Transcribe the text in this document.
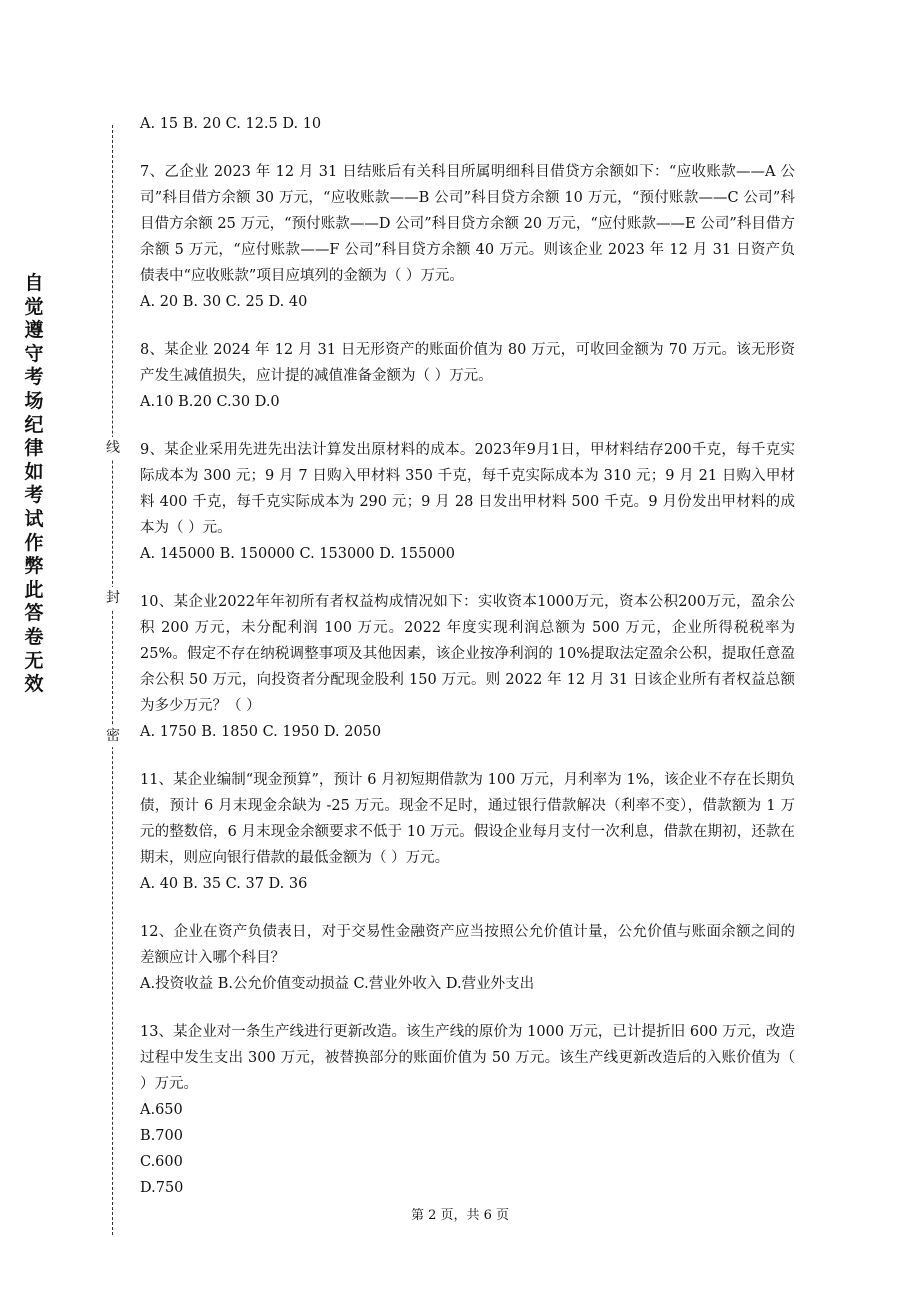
自觉遵守考场纪律如考试作弊此答卷无效
线
封
密

A. 15 B. 20 C. 12.5 D. 10

7、乙企业 2023 年 12 月 31 日结账后有关科目所属明细科目借贷方余额如下：“应收账款——A 公司”科目借方余额 30 万元，“应收账款——B 公司”科目贷方余额 10 万元，“预付账款——C 公司”科目借方余额 25 万元，“预付账款——D 公司”科目贷方余额 20 万元，“应付账款——E 公司”科目借方余额 5 万元，“应付账款——F 公司”科目贷方余额 40 万元。则该企业 2023 年 12 月 31 日资产负债表中“应收账款”项目应填列的金额为（ ）万元。

A. 20 B. 30 C. 25 D. 40

8、某企业 2024 年 12 月 31 日无形资产的账面价值为 80 万元，可收回金额为 70 万元。该无形资产发生减值损失，应计提的减值准备金额为（ ）万元。

A.10 B.20 C.30 D.0

9、某企业采用先进先出法计算发出原材料的成本。2023年9月1日，甲材料结存200千克，每千克实际成本为 300 元；9 月 7 日购入甲材料 350 千克，每千克实际成本为 310 元；9 月 21 日购入甲材料 400 千克，每千克实际成本为 290 元；9 月 28 日发出甲材料 500 千克。9 月份发出甲材料的成本为（ ）元。

A. 145000 B. 150000 C. 153000 D. 155000

10、某企业2022年年初所有者权益构成情况如下：实收资本1000万元，资本公积200万元，盈余公积 200 万元，未分配利润 100 万元。2022 年度实现利润总额为 500 万元，企业所得税税率为 25%。假定不存在纳税调整事项及其他因素，该企业按净利润的 10%提取法定盈余公积，提取任意盈余公积 50 万元，向投资者分配现金股利 150 万元。则 2022 年 12 月 31 日该企业所有者权益总额为多少万元？（ ）

A. 1750 B. 1850 C. 1950 D. 2050

11、某企业编制“现金预算”，预计 6 月初短期借款为 100 万元，月利率为 1%，该企业不存在长期负债，预计 6 月末现金余缺为 -25 万元。现金不足时，通过银行借款解决（利率不变），借款额为 1 万元的整数倍，6 月末现金余额要求不低于 10 万元。假设企业每月支付一次利息，借款在期初，还款在期末，则应向银行借款的最低金额为（ ）万元。

A. 40 B. 35 C. 37 D. 36

12、企业在资产负债表日，对于交易性金融资产应当按照公允价值计量，公允价值与账面余额之间的差额应计入哪个科目？

A.投资收益 B.公允价值变动损益 C.营业外收入 D.营业外支出

13、某企业对一条生产线进行更新改造。该生产线的原价为 1000 万元，已计提折旧 600 万元，改造过程中发生支出 300 万元，被替换部分的账面价值为 50 万元。该生产线更新改造后的入账价值为（ ）万元。

A.650

B.700

C.600

D.750

第 2 页，共 6 页
